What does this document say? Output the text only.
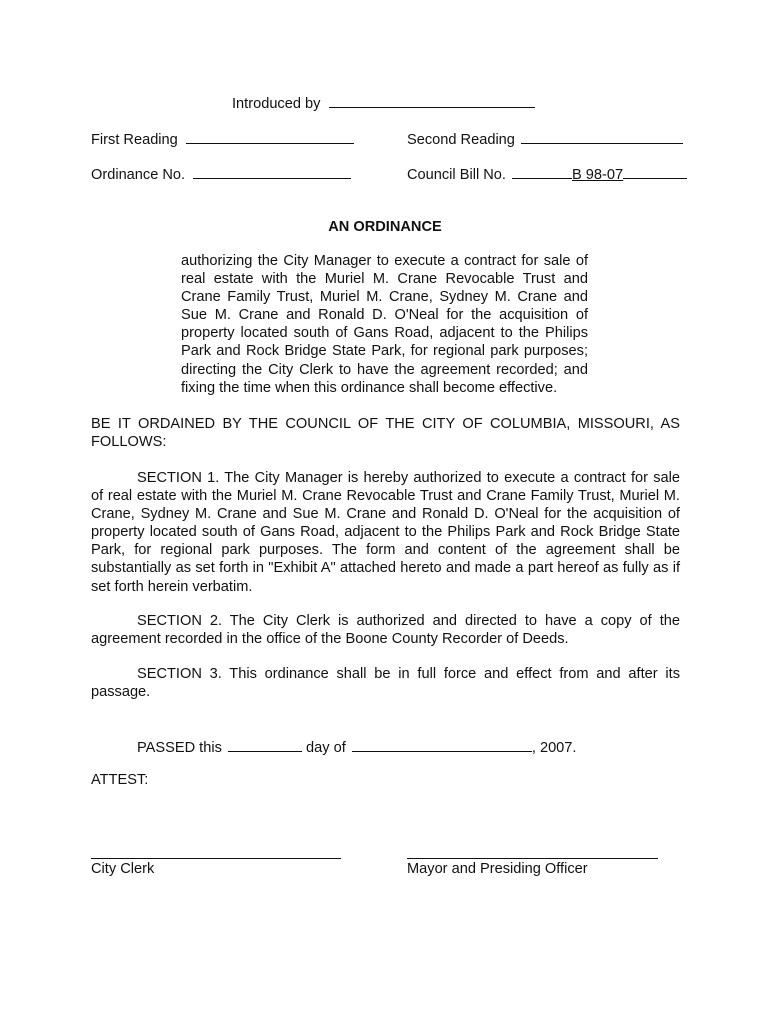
Introduced by
First Reading	Second Reading
Ordinance No.	Council Bill No.	B 98-07
AN ORDINANCE
authorizing the City Manager to execute a contract for sale of real estate with the Muriel M. Crane Revocable Trust and Crane Family Trust, Muriel M. Crane, Sydney M. Crane and Sue M. Crane and Ronald D. O'Neal for the acquisition of property located south of Gans Road, adjacent to the Philips Park and Rock Bridge State Park, for regional park purposes; directing the City Clerk to have the agreement recorded; and fixing the time when this ordinance shall become effective.
BE IT ORDAINED BY THE COUNCIL OF THE CITY OF COLUMBIA, MISSOURI, AS FOLLOWS:
SECTION 1. The City Manager is hereby authorized to execute a contract for sale of real estate with the Muriel M. Crane Revocable Trust and Crane Family Trust, Muriel M. Crane, Sydney M. Crane and Sue M. Crane and Ronald D. O'Neal for the acquisition of property located south of Gans Road, adjacent to the Philips Park and Rock Bridge State Park, for regional park purposes. The form and content of the agreement shall be substantially as set forth in "Exhibit A" attached hereto and made a part hereof as fully as if set forth herein verbatim.
SECTION 2. The City Clerk is authorized and directed to have a copy of the agreement recorded in the office of the Boone County Recorder of Deeds.
SECTION 3. This ordinance shall be in full force and effect from and after its passage.
PASSED this	day of	, 2007.
ATTEST:
City Clerk	Mayor and Presiding Officer
